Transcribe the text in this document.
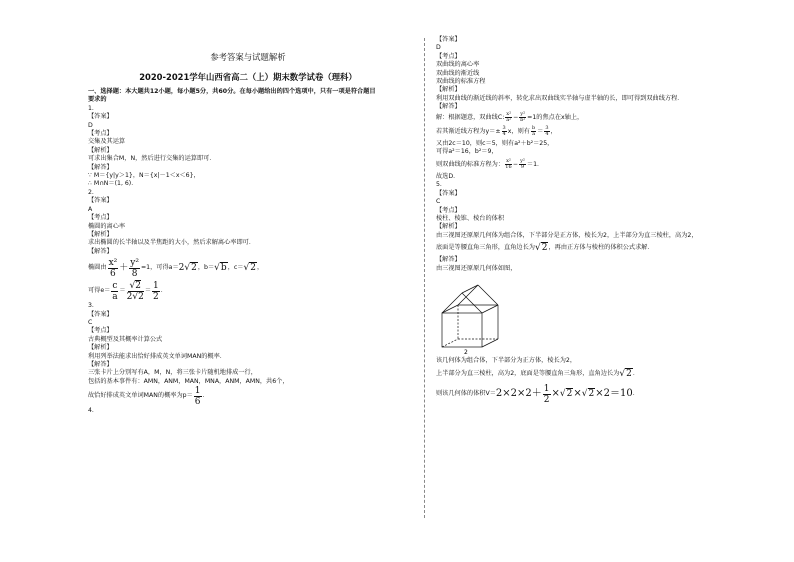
参考答案与试题解析
2020-2021学年山西省高二（上）期末数学试卷（理科）
一、选择题：本大题共12小题，每小题5分，共60分。在每小题给出的四个选项中，只有一项是符合题目
要求的
1.
【答案】
D
【考点】
交集及其运算
【解析】
可求出集合M，N，然后进行交集的运算即可．
【解答】
∵ M＝{y|y＞1}，N＝{x|－1＜x＜6}，
∴ M∩N＝(1, 6)．
2.
【答案】
A
【考点】
椭圆的离心率
【解析】
求出椭圆的长半轴以及半焦距的大小，然后求解离心率即可．
【解答】
椭圆由 $\frac{\text{x²}}{6} + \frac{\text{y²}}{8} =1$ ，可得a＝ 2√2 ，b＝ √b ，c＝ √2 ，
可得$e= \frac{c}{a} = \frac{√2}{2√2} = \frac{1}{2}$ ．
3.
【答案】
C
【考点】
古典概型及其概率计算公式
【解析】
利用列举法能求出恰好排成英文单词MAN的概率．
【解答】
三张卡片上分别写有A，M，N，将三张卡片随机地排成一行，
包括的基本事件有：AMN，ANM，MAN，MNA，ANM，AMN，共6个，
故恰好排成英文单词MAN的概率为$p= \frac{1}{6}$ ．
4.
【答案】
D
【考点】
双曲线的离心率
双曲线的渐近线
双曲线的标准方程
【解析】
利用双曲线的渐近线的斜率，转化求出双曲线实半轴与虚半轴的长，即可得到双曲线方程．
【解答】
解：根据题意，双曲线C: $\frac{\text{x²}}{\text{a²}} - \frac{\text{y²}}{\text{b²}} =1$的焦点在x轴上，
若其渐近线方程为$y=\pm \frac{3}{4}$ x，则有 $\frac{b}{a} = \frac{3}{4}$ ，
又由2c＝10，则c＝5，则有a²＋b²＝25，
可得a²＝16，b²＝9，
则双曲线的标准方程为： $\frac{\text{x²}}{16} - \frac{\text{y²}}{9} =1$．
故选D．
5.
【答案】
C
【考点】
棱柱、棱锥、棱台的体积
【解析】
由三视图还原原几何体为组合体，下半部分是正方体，棱长为2，上半部分为直三棱柱，高为2，
底面是等腰直角三角形，直角边长为 √2 ，再由正方体与棱柱的体积公式求解．
【解答】
由三视图还原原几何体如图，
2
该几何体为组合体，下半部分为正方体，棱长为2，
上半部分为直三棱柱，高为2，底面是等腰直角三角形，直角边长为 √2 ．
则该几何体的体积$V= 2\times 2\times 2+ \frac{1}{2} \times √2 \times √2 \times 2=10$ ．
